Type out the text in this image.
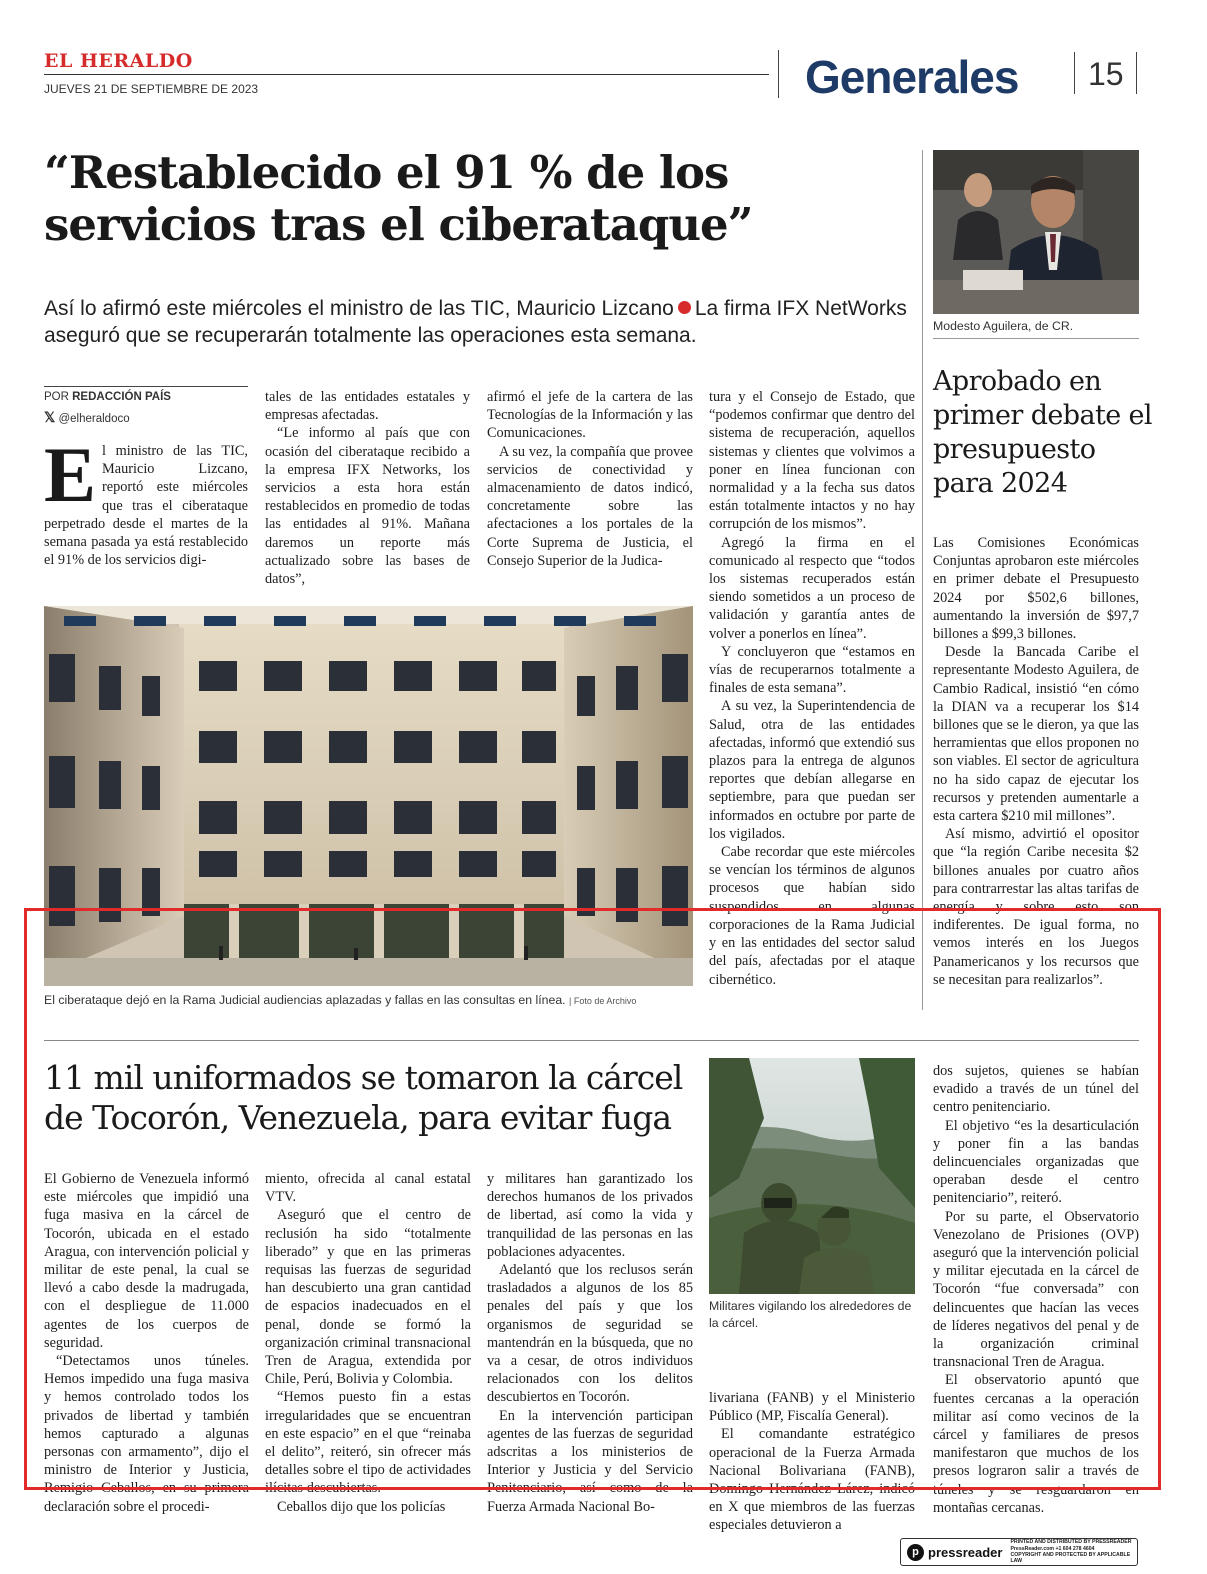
EL HERALDO
JUEVES 21 DE SEPTIEMBRE DE 2023	Generales 15
“Restablecido el 91 % de los servicios tras el ciberataque”
Así lo afirmó este miércoles el ministro de las TIC, Mauricio Lizcano La firma IFX NetWorks aseguró que se recuperarán totalmente las operaciones esta semana.
POR REDACCIÓN PAÍS
𝕏 @elheraldoco
E l ministro de las TIC, Mauricio Lizcano, reportó este miércoles que tras el ciberataque perpetrado desde el martes de la semana pasada ya está restablecido el 91% de los servicios digi-

tales de las entidades estatales y empresas afectadas.

“Le informo al país que con ocasión del ciberataque recibido a la empresa IFX Networks, los servicios a esta hora están restablecidos en promedio de todas las entidades al 91%. Mañana daremos un reporte más actualizado sobre las bases de datos”,

afirmó el jefe de la cartera de las Tecnologías de la Información y las Comunicaciones.

A su vez, la compañía que provee servicios de conectividad y almacenamiento de datos indicó, concretamente sobre las afectaciones a los portales de la Corte Suprema de Justicia, el Consejo Superior de la Judica-

tura y el Consejo de Estado, que “podemos confirmar que dentro del sistema de recuperación, aquellos sistemas y clientes que volvimos a poner en línea funcionan con normalidad y a la fecha sus datos están totalmente intactos y no hay corrupción de los mismos”.

Agregó la firma en el comunicado al respecto que “todos los sistemas recuperados están siendo sometidos a un proceso de validación y garantía antes de volver a ponerlos en línea”.

Y concluyeron que “estamos en vías de recuperarnos totalmente a finales de esta semana”.

A su vez, la Superintendencia de Salud, otra de las entidades afectadas, informó que extendió sus plazos para la entrega de algunos reportes que debían allegarse en septiembre, para que puedan ser informados en octubre por parte de los vigilados.

Cabe recordar que este miércoles se vencían los términos de algunos procesos que habían sido suspendidos en algunas corporaciones de la Rama Judicial y en las entidades del sector salud del país, afectadas por el ataque cibernético.

El ciberataque dejó en la Rama Judicial audiencias aplazadas y fallas en las consultas en línea. | Foto de Archivo
Modesto Aguilera, de CR.
Aprobado en primer debate el presupuesto para 2024

Las Comisiones Económicas Conjuntas aprobaron este miércoles en primer debate el Presupuesto 2024 por $502,6 billones, aumentando la inversión de $97,7 billones a $99,3 billones.

Desde la Bancada Caribe el representante Modesto Aguilera, de Cambio Radical, insistió “en cómo la DIAN va a recuperar los $14 billones que se le dieron, ya que las herramientas que ellos proponen no son viables. El sector de agricultura no ha sido capaz de ejecutar los recursos y pretenden aumentarle a esta cartera $210 mil millones”.

Así mismo, advirtió el opositor que “la región Caribe necesita $2 billones anuales por cuatro años para contrarrestar las altas tarifas de energía y sobre esto son indiferentes. De igual forma, no vemos interés en los Juegos Panamericanos y los recursos que se necesitan para realizarlos”.

11 mil uniformados se tomaron la cárcel de Tocorón, Venezuela, para evitar fuga

El Gobierno de Venezuela informó este miércoles que impidió una fuga masiva en la cárcel de Tocorón, ubicada en el estado Aragua, con intervención policial y militar de este penal, la cual se llevó a cabo desde la madrugada, con el despliegue de 11.000 agentes de los cuerpos de seguridad.

“Detectamos unos túneles. Hemos impedido una fuga masiva y hemos controlado todos los privados de libertad y también hemos capturado a algunas personas con armamento”, dijo el ministro de Interior y Justicia, Remigio Ceballos, en su primera declaración sobre el procedi-

miento, ofrecida al canal estatal VTV.

Aseguró que el centro de reclusión ha sido “totalmente liberado” y que en las primeras requisas las fuerzas de seguridad han descubierto una gran cantidad de espacios inadecuados en el penal, donde se formó la organización criminal transnacional Tren de Aragua, extendida por Chile, Perú, Bolivia y Colombia.

“Hemos puesto fin a estas irregularidades que se encuentran en este espacio” en el que “reinaba el delito”, reiteró, sin ofrecer más detalles sobre el tipo de actividades ilícitas descubiertas.

Ceballos dijo que los policías

y militares han garantizado los derechos humanos de los privados de libertad, así como la vida y tranquilidad de las personas en las poblaciones adyacentes.

Adelantó que los reclusos serán trasladados a algunos de los 85 penales del país y que los organismos de seguridad se mantendrán en la búsqueda, que no va a cesar, de otros individuos relacionados con los delitos descubiertos en Tocorón.

En la intervención participan agentes de las fuerzas de seguridad adscritas a los ministerios de Interior y Justicia y del Servicio Penitenciario, así como de la Fuerza Armada Nacional Bo-

Militares vigilando los alrededores de la cárcel.

livariana (FANB) y el Ministerio Público (MP, Fiscalía General).

El comandante estratégico operacional de la Fuerza Armada Nacional Bolivariana (FANB), Domingo Hernández Lárez, indicó en X que miembros de las fuerzas especiales detuvieron a

dos sujetos, quienes se habían evadido a través de un túnel del centro penitenciario.

El objetivo “es la desarticulación y poner fin a las bandas delincuenciales organizadas que operaban desde el centro penitenciario”, reiteró.

Por su parte, el Observatorio Venezolano de Prisiones (OVP) aseguró que la intervención policial y militar ejecutada en la cárcel de Tocorón “fue conversada” con delincuentes que hacían las veces de líderes negativos del penal y de la organización criminal transnacional Tren de Aragua.

El observatorio apuntó que fuentes cercanas a la operación militar así como vecinos de la cárcel y familiares de presos manifestaron que muchos de los presos lograron salir a través de túneles y se resguardaron en montañas cercanas.

p pressreader
PRINTED AND DISTRIBUTED BY PRESSREADER
PressReader.com +1 604 278 4604
COPYRIGHT AND PROTECTED BY APPLICABLE LAW
